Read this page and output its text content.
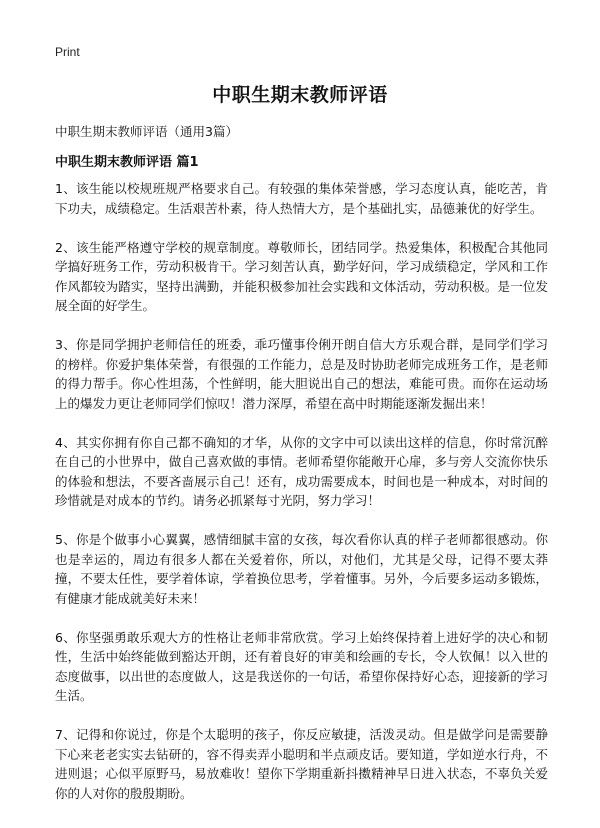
Print
中职生期末教师评语

中职生期末教师评语（通用3篇）

中职生期末教师评语 篇1

1、该生能以校规班规严格要求自己。有较强的集体荣誉感，学习态度认真，能吃苦，肯下功夫，成绩稳定。生活艰苦朴素，待人热情大方，是个基础扎实，品德兼优的好学生。

2、该生能严格遵守学校的规章制度。尊敬师长，团结同学。热爱集体，积极配合其他同学搞好班务工作，劳动积极肯干。学习刻苦认真，勤学好问，学习成绩稳定，学风和工作作风都较为踏实，坚持出满勤，并能积极参加社会实践和文体活动，劳动积极。是一位发展全面的好学生。

3、你是同学拥护老师信任的班委，乖巧懂事伶俐开朗自信大方乐观合群，是同学们学习的榜样。你爱护集体荣誉，有很强的工作能力，总是及时协助老师完成班务工作，是老师的得力帮手。你心性坦荡，个性鲜明，能大胆说出自己的想法，难能可贵。而你在运动场上的爆发力更让老师同学们惊叹！潜力深厚，希望在高中时期能逐渐发掘出来！

4、其实你拥有你自己都不确知的才华，从你的文字中可以读出这样的信息，你时常沉醉在自己的小世界中，做自己喜欢做的事情。老师希望你能敞开心扉，多与旁人交流你快乐的体验和想法，不要吝啬展示自己！还有，成功需要成本，时间也是一种成本，对时间的珍惜就是对成本的节约。请务必抓紧每寸光阴，努力学习！

5、你是个做事小心翼翼，感情细腻丰富的女孩，每次看你认真的样子老师都很感动。你也是幸运的，周边有很多人都在关爱着你，所以，对他们，尤其是父母，记得不要太莽撞，不要太任性，要学着体谅，学着换位思考，学着懂事。另外，今后要多运动多锻炼，有健康才能成就美好未来！

6、你坚强勇敢乐观大方的性格让老师非常欣赏。学习上始终保持着上进好学的决心和韧性，生活中始终能做到豁达开朗，还有着良好的审美和绘画的专长，令人钦佩！以入世的态度做事，以出世的态度做人，这是我送你的一句话，希望你保持好心态，迎接新的学习生活。

7、记得和你说过，你是个太聪明的孩子，你反应敏捷，活泼灵动。但是做学问是需要静下心来老老实实去钻研的，容不得卖弄小聪明和半点顽皮话。要知道，学如逆水行舟，不进则退；心似平原野马，易放难收！望你下学期重新抖擞精神早日进入状态，不辜负关爱你的人对你的殷殷期盼。
